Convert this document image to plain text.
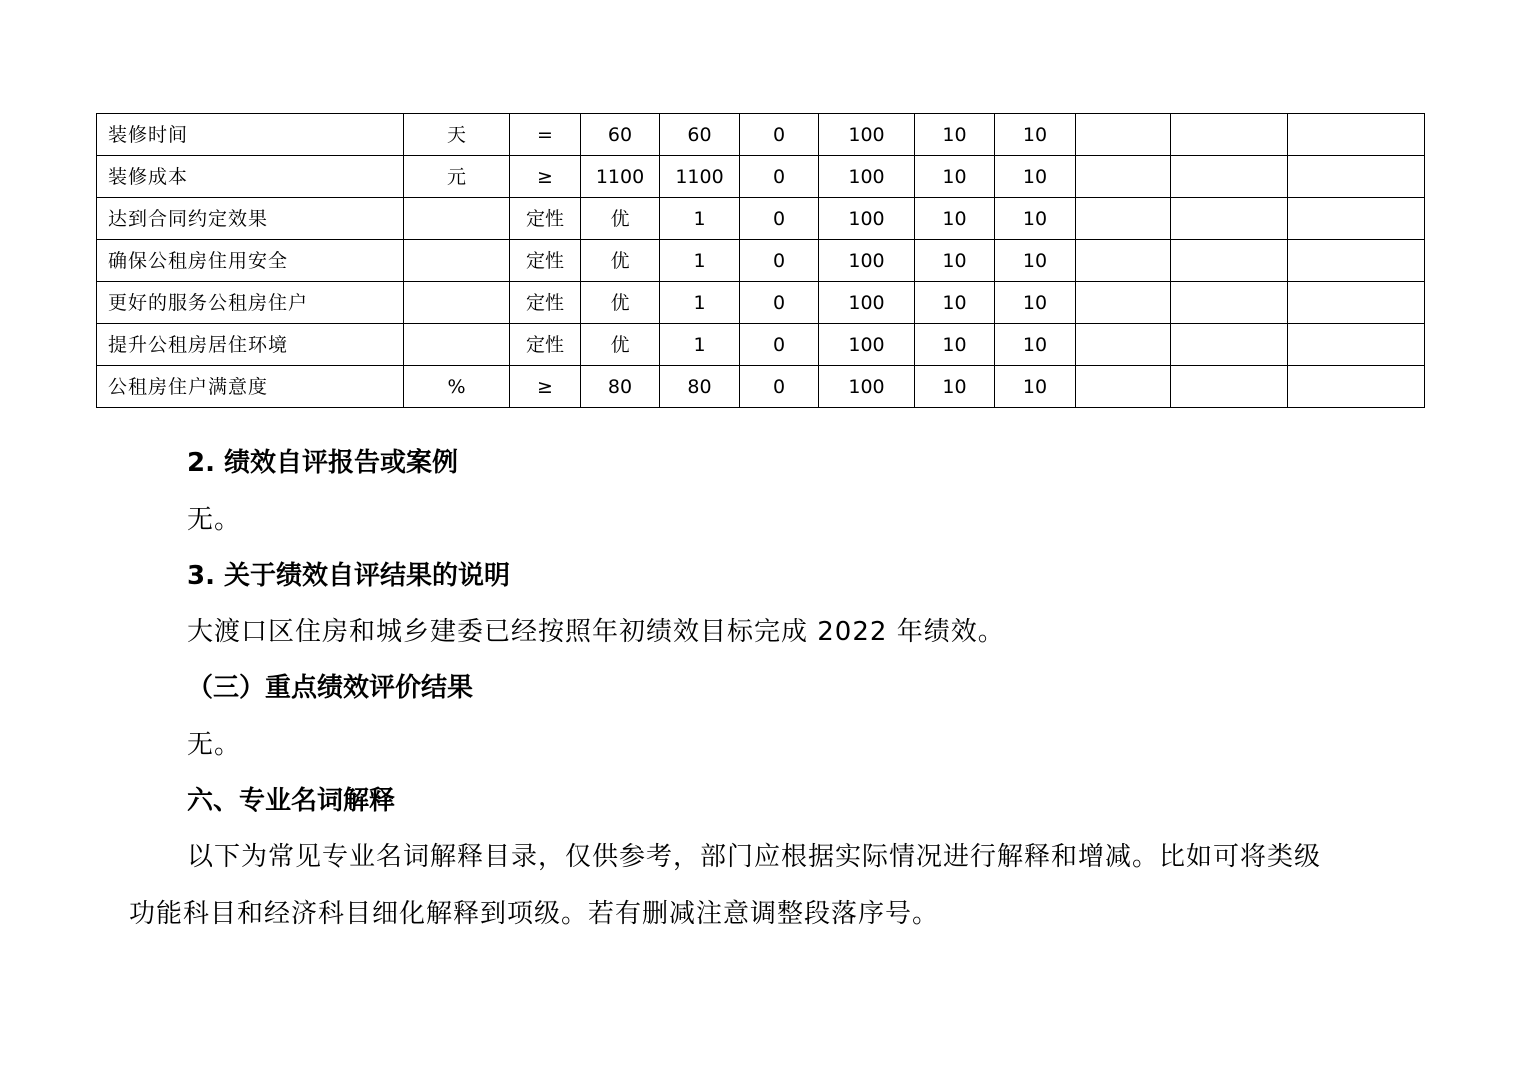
装修时间	天	=	60	60	0	100	10	10			
装修成本	元	≥	1100	1100	0	100	10	10			
达到合同约定效果		定性	优	1	0	100	10	10			
确保公租房住用安全		定性	优	1	0	100	10	10			
更好的服务公租房住户		定性	优	1	0	100	10	10			
提升公租房居住环境		定性	优	1	0	100	10	10			
公租房住户满意度	%	≥	80	80	0	100	10	10			
2. 绩效自评报告或案例
无。
3. 关于绩效自评结果的说明
大渡口区住房和城乡建委已经按照年初绩效目标完成 2022 年绩效。
（三）重点绩效评价结果
无。
六、专业名词解释
以下为常见专业名词解释目录，仅供参考，部门应根据实际情况进行解释和增减。比如可将类级
功能科目和经济科目细化解释到项级。若有删减注意调整段落序号。
